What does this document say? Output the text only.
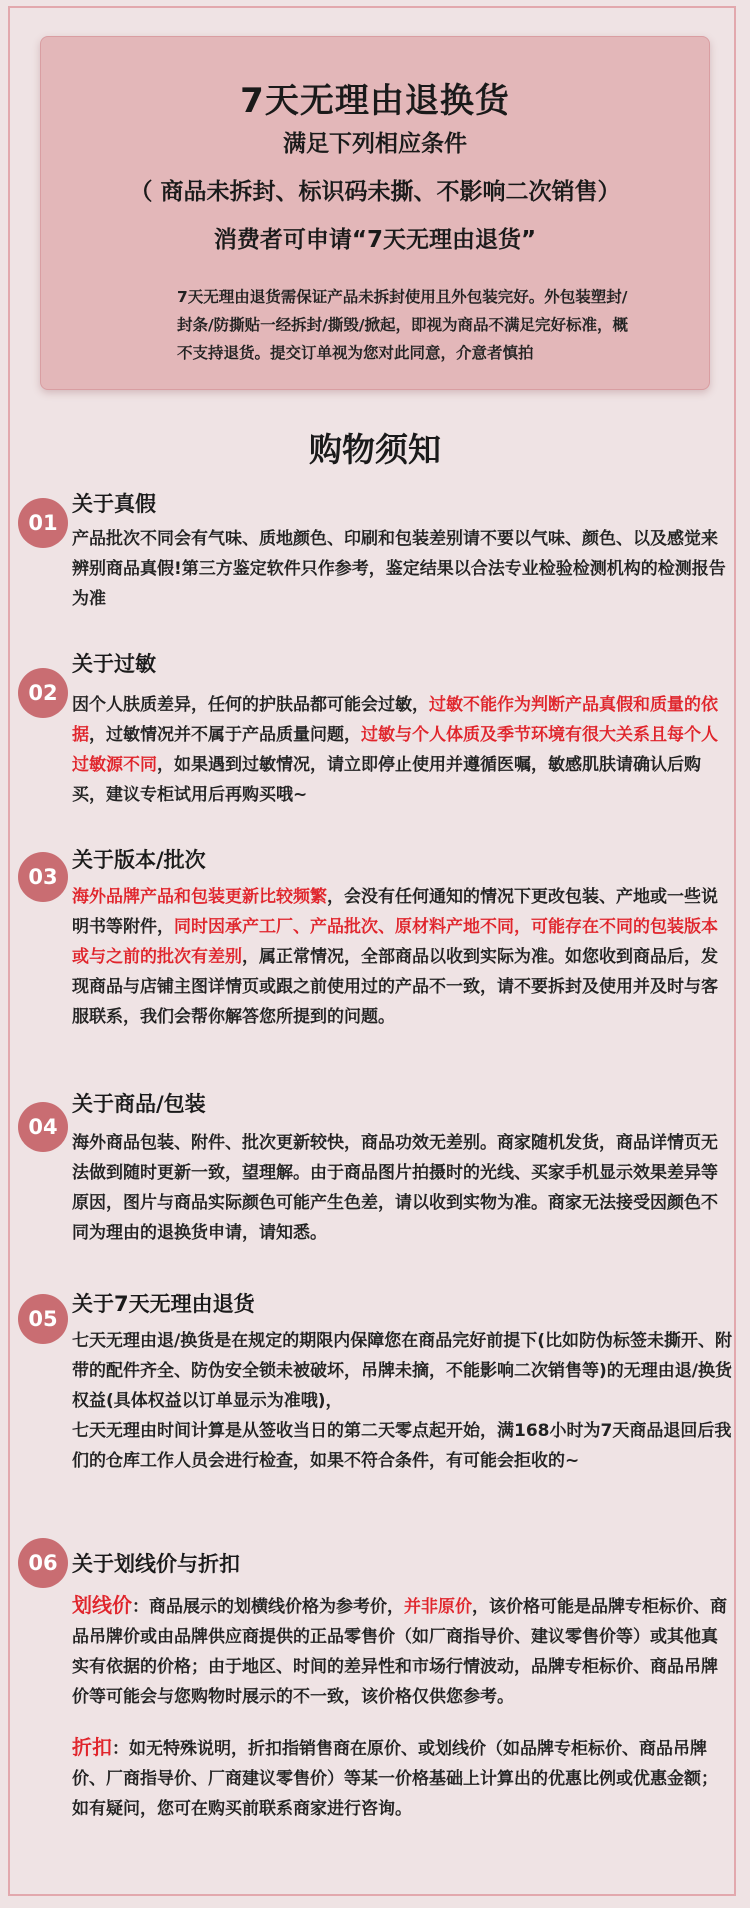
7天无理由退换货
满足下列相应条件
（ 商品未拆封、标识码未撕、不影响二次销售）
消费者可申请“7天无理由退货”
7天无理由退货需保证产品未拆封使用且外包装完好。外包装塑封/封条/防撕贴一经拆封/撕毁/掀起，即视为商品不满足完好标准，概不支持退货。提交订单视为您对此同意，介意者慎拍
购物须知
01
关于真假
产品批次不同会有气味、质地颜色、印刷和包装差别请不要以气味、颜色、以及感觉来辨别商品真假!第三方鉴定软件只作参考，鉴定结果以合法专业检验检测机构的检测报告为准
02
关于过敏
因个人肤质差异，任何的护肤品都可能会过敏，过敏不能作为判断产品真假和质量的依据，过敏情况并不属于产品质量问题，过敏与个人体质及季节环境有很大关系且每个人过敏源不同，如果遇到过敏情况，请立即停止使用并遵循医嘱，敏感肌肤请确认后购买，建议专柜试用后再购买哦~
03
关于版本/批次
海外品牌产品和包装更新比较频繁，会没有任何通知的情况下更改包装、产地或一些说明书等附件，同时因承产工厂、产品批次、原材料产地不同，可能存在不同的包装版本或与之前的批次有差别，属正常情况，全部商品以收到实际为准。如您收到商品后，发现商品与店铺主图详情页或跟之前使用过的产品不一致，请不要拆封及使用并及时与客服联系，我们会帮你解答您所提到的问题。
04
关于商品/包装
海外商品包装、附件、批次更新较快，商品功效无差别。商家随机发货，商品详情页无法做到随时更新一致，望理解。由于商品图片拍摄时的光线、买家手机显示效果差异等原因，图片与商品实际颜色可能产生色差，请以收到实物为准。商家无法接受因颜色不同为理由的退换货申请，请知悉。
05
关于7天无理由退货
七天无理由退/换货是在规定的期限内保障您在商品完好前提下(比如防伪标签未撕开、附带的配件齐全、防伪安全锁未被破坏，吊牌未摘，不能影响二次销售等)的无理由退/换货权益(具体权益以订单显示为准哦)，
七天无理由时间计算是从签收当日的第二天零点起开始，满168小时为7天商品退回后我们的仓库工作人员会进行检查，如果不符合条件，有可能会拒收的~
06 关于划线价与折扣
划线价：商品展示的划横线价格为参考价，并非原价，该价格可能是品牌专柜标价、商品吊牌价或由品牌供应商提供的正品零售价（如厂商指导价、建议零售价等）或其他真实有依据的价格；由于地区、时间的差异性和市场行情波动，品牌专柜标价、商品吊牌价等可能会与您购物时展示的不一致，该价格仅供您参考。
折扣：如无特殊说明，折扣指销售商在原价、或划线价（如品牌专柜标价、商品吊牌价、厂商指导价、厂商建议零售价）等某一价格基础上计算出的优惠比例或优惠金额；如有疑问，您可在购买前联系商家进行咨询。
